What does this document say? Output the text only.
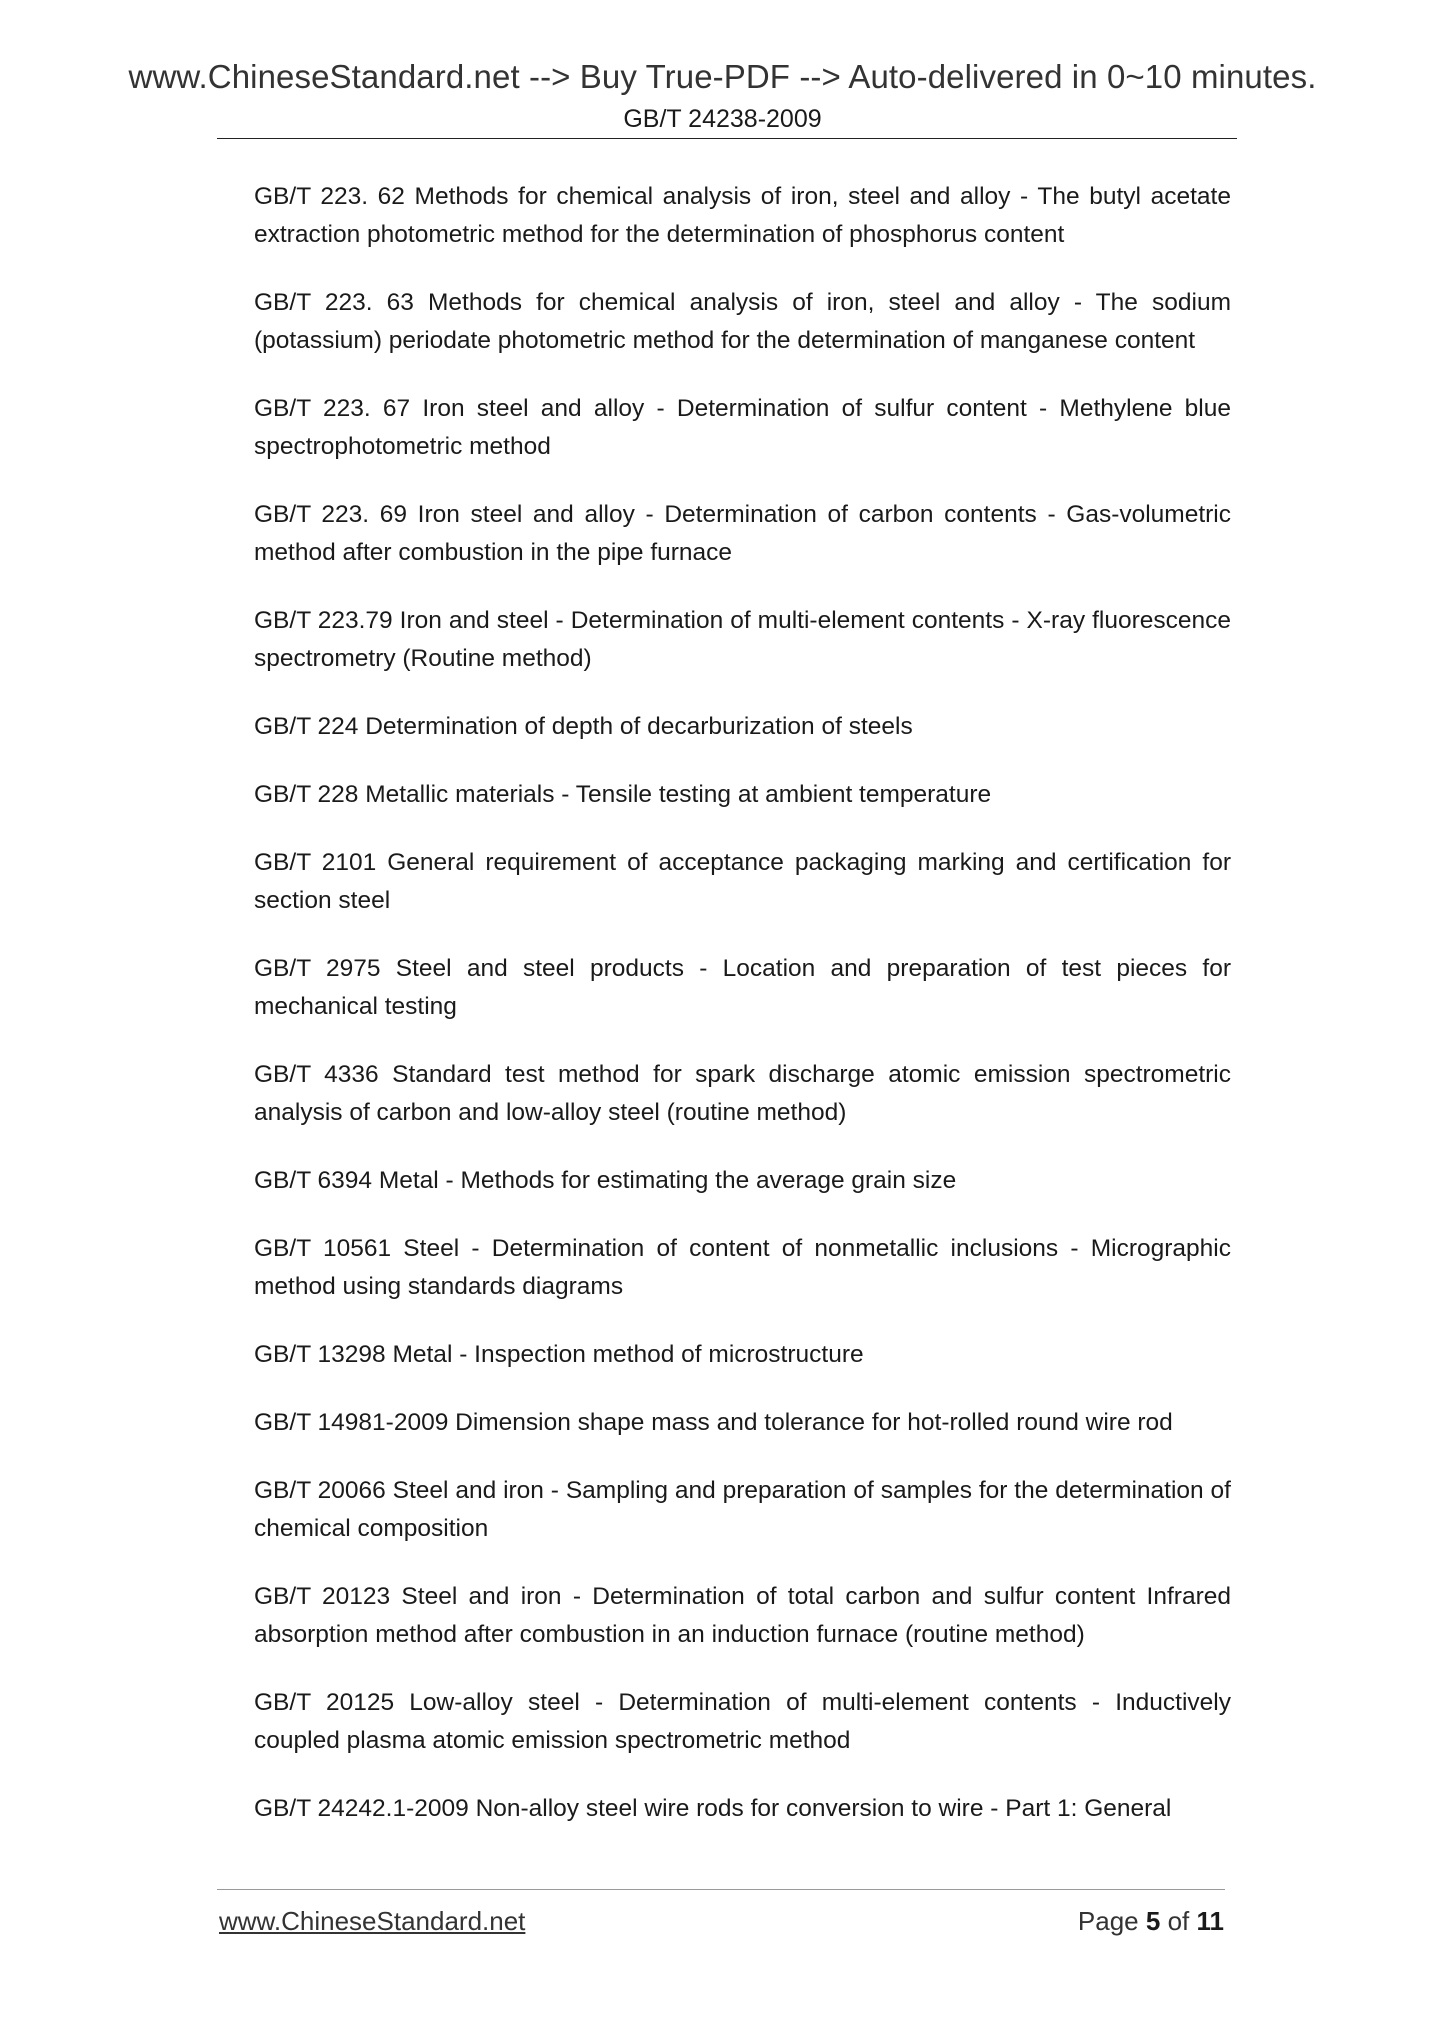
www.ChineseStandard.net --> Buy True-PDF --> Auto-delivered in 0~10 minutes.
GB/T 24238-2009
GB/T 223. 62 Methods for chemical analysis of iron, steel and alloy - The butyl acetate extraction photometric method for the determination of phosphorus content
GB/T 223. 63 Methods for chemical analysis of iron, steel and alloy - The sodium (potassium) periodate photometric method for the determination of manganese content
GB/T 223. 67 Iron steel and alloy - Determination of sulfur content - Methylene blue spectrophotometric method
GB/T 223. 69 Iron steel and alloy - Determination of carbon contents - Gas-volumetric method after combustion in the pipe furnace
GB/T 223.79 Iron and steel - Determination of multi-element contents - X-ray fluorescence spectrometry (Routine method)
GB/T 224 Determination of depth of decarburization of steels
GB/T 228 Metallic materials - Tensile testing at ambient temperature
GB/T 2101 General requirement of acceptance packaging marking and certification for section steel
GB/T 2975 Steel and steel products - Location and preparation of test pieces for mechanical testing
GB/T 4336 Standard test method for spark discharge atomic emission spectrometric analysis of carbon and low-alloy steel (routine method)
GB/T 6394 Metal - Methods for estimating the average grain size
GB/T 10561 Steel - Determination of content of nonmetallic inclusions - Micrographic method using standards diagrams
GB/T 13298 Metal - Inspection method of microstructure
GB/T 14981-2009 Dimension shape mass and tolerance for hot-rolled round wire rod
GB/T 20066 Steel and iron - Sampling and preparation of samples for the determination of chemical composition
GB/T 20123 Steel and iron - Determination of total carbon and sulfur content Infrared absorption method after combustion in an induction furnace (routine method)
GB/T 20125 Low-alloy steel - Determination of multi-element contents - Inductively coupled plasma atomic emission spectrometric method
GB/T 24242.1-2009 Non-alloy steel wire rods for conversion to wire - Part 1: General
www.ChineseStandard.net	Page 5 of 11
